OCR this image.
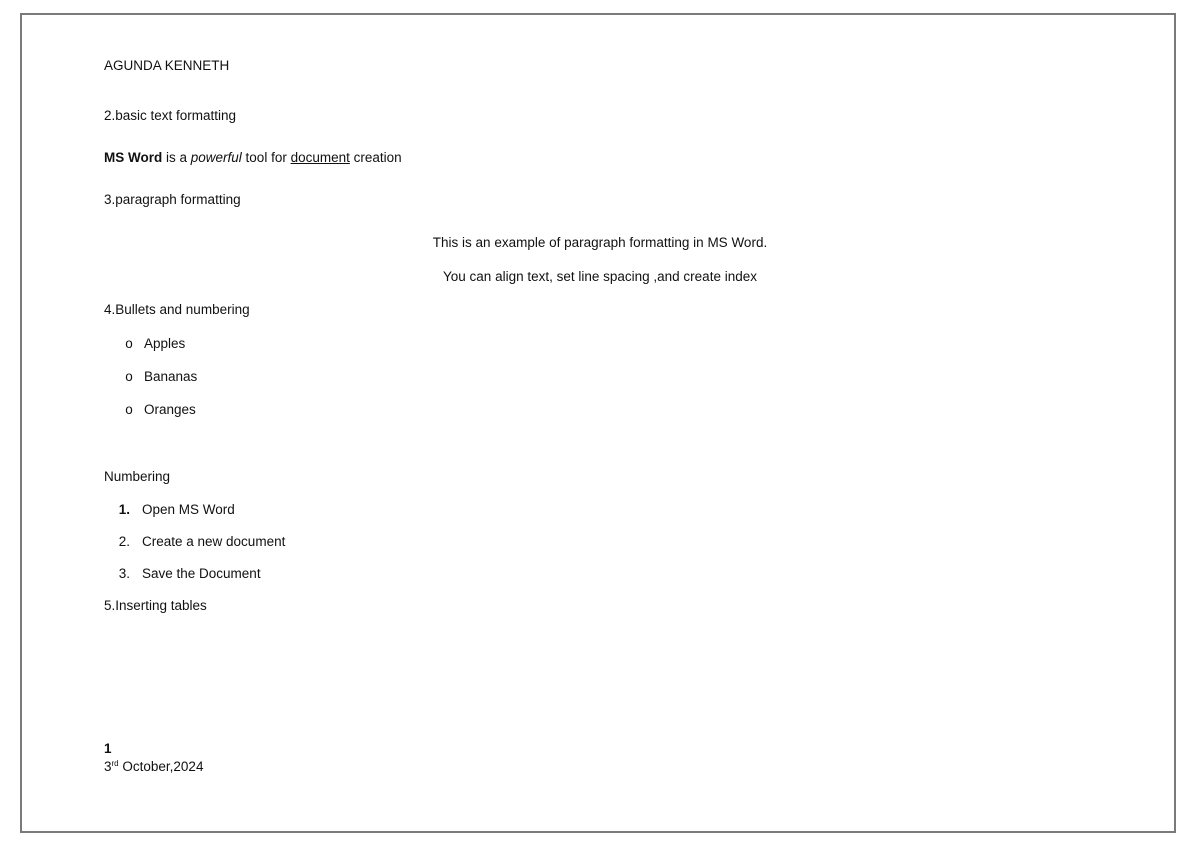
AGUNDA KENNETH
2.basic text formatting
MS Word is a powerful tool for document creation
3.paragraph formatting
This is an example of paragraph formatting in MS Word.
You can align text, set line spacing ,and create index
4.Bullets and numbering
o Apples
o Bananas
o Oranges
Numbering
1. Open MS Word
2. Create a new document
3. Save the Document
5.Inserting tables
1
3rd October,2024
